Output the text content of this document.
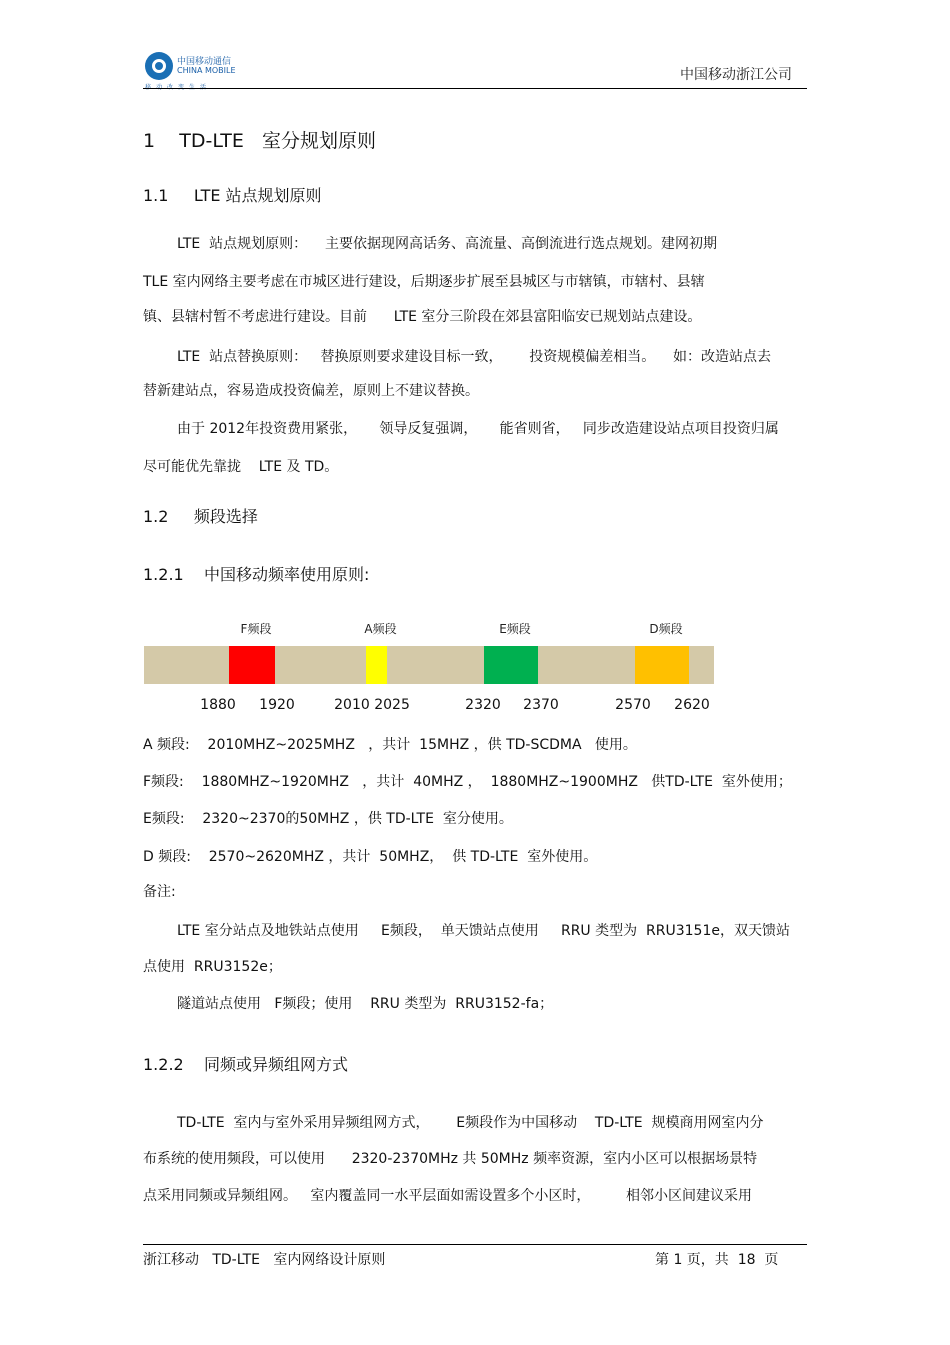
中国移动通信
CHINA MOBILE	中国移动浙江公司
1    TD-LTE   室分规划原则
1.1     LTE 站点规划原则
LTE  站点规划原则：    主要依据现网高话务、高流量、高倒流进行选点规划。建网初期
TLE 室内网络主要考虑在市城区进行建设，后期逐步扩展至县城区与市辖镇，市辖村、县辖
镇、县辖村暂不考虑进行建设。目前      LTE 室分三阶段在郊县富阳临安已规划站点建设。
LTE  站点替换原则：   替换原则要求建设目标一致，      投资规模偏差相当。    如：改造站点去
替新建站点，容易造成投资偏差，原则上不建议替换。
由于 2012年投资费用紧张，     领导反复强调，     能省则省，   同步改造建设站点项目投资归属
尽可能优先靠拢    LTE 及 TD。
1.2     频段选择
1.2.1    中国移动频率使用原则:
F频段	A频段	E频段	D频段
1880 1920	2010 2025	2320 2370	2570 2620
A 频段:    2010MHZ~2025MHZ   ，共计  15MHZ ，供 TD-SCDMA   使用。
F频段:    1880MHZ~1920MHZ   ，共计  40MHZ ，  1880MHZ~1900MHZ   供TD-LTE  室外使用；
E频段:    2320~2370的50MHZ ，供 TD-LTE  室分使用。
D 频段:    2570~2620MHZ ，共计  50MHZ，  供 TD-LTE  室外使用。
备注:
LTE 室分站点及地铁站点使用     E频段，  单天馈站点使用     RRU 类型为  RRU3151e，双天馈站
点使用  RRU3152e；
隧道站点使用   F频段；使用    RRU 类型为  RRU3152-fa；
1.2.2    同频或异频组网方式
TD-LTE  室内与室外采用异频组网方式，      E频段作为中国移动    TD-LTE  规模商用网室内分
布系统的使用频段，可以使用      2320-2370MHz 共 50MHz 频率资源，室内小区可以根据场景特
点采用同频或异频组网。   室内覆盖同一水平层面如需设置多个小区时，        相邻小区间建议采用
浙江移动   TD-LTE   室内网络设计原则	第 1 页，共  18  页
